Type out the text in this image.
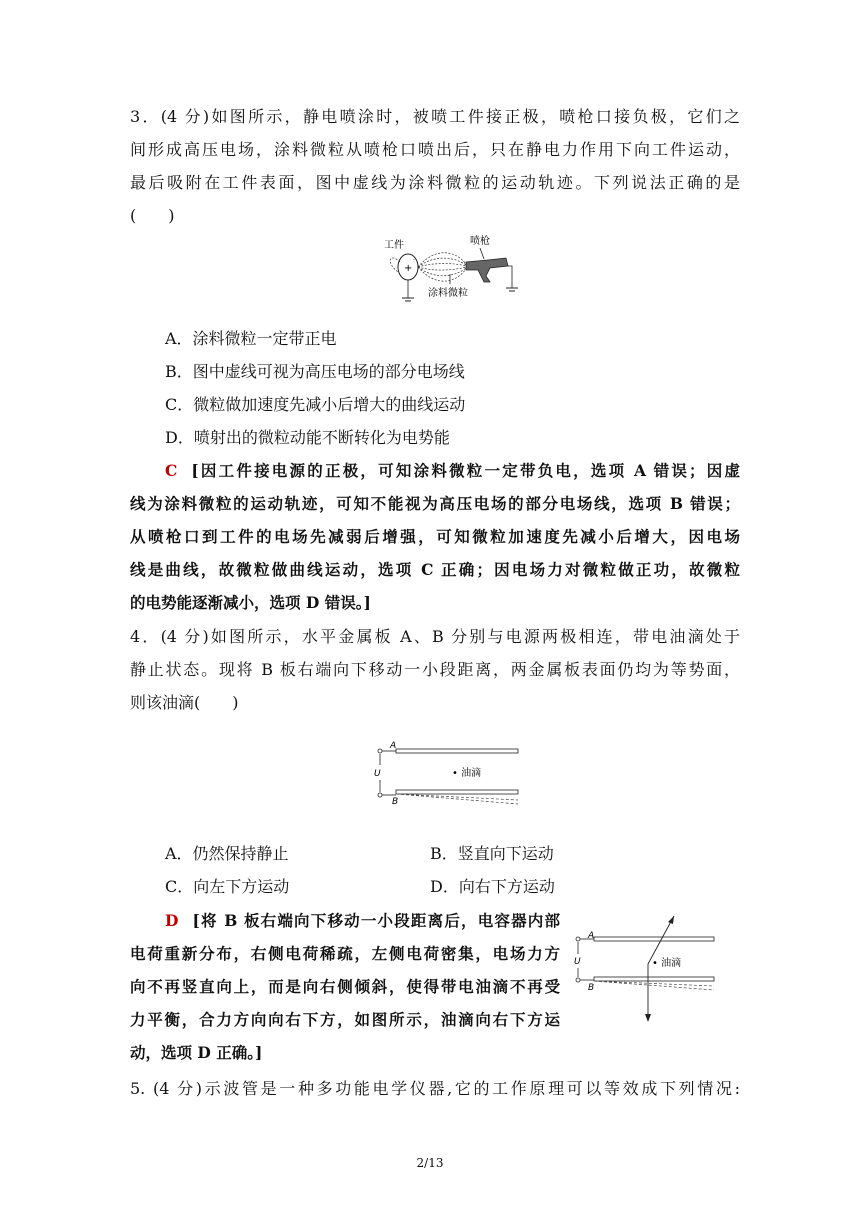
3．(4 分)如图所示，静电喷涂时，被喷工件接正极，喷枪口接负极，它们之
间形成高压电场，涂料微粒从喷枪口喷出后，只在静电力作用下向工件运动，
最后吸附在工件表面，图中虚线为涂料微粒的运动轨迹。下列说法正确的是
(　　)
工件	喷枪
涂料微粒
+
· ·
A．涂料微粒一定带正电
B．图中虚线可视为高压电场的部分电场线
C．微粒做加速度先减小后增大的曲线运动
D．喷射出的微粒动能不断转化为电势能
C [因工件接电源的正极，可知涂料微粒一定带负电，选项 A 错误；因虚
线为涂料微粒的运动轨迹，可知不能视为高压电场的部分电场线，选项 B 错误；
从喷枪口到工件的电场先减弱后增强，可知微粒加速度先减小后增大，因电场
线是曲线，故微粒做曲线运动，选项 C 正确；因电场力对微粒做正功，故微粒
的电势能逐渐减小，选项 D 错误。]
4．(4 分)如图所示，水平金属板 A、B 分别与电源两极相连，带电油滴处于
静止状态。现将 B 板右端向下移动一小段距离，两金属板表面仍均为等势面，
则该油滴(　　)
A
U
B
• 油滴
A．仍然保持静止	B．竖直向下运动
C．向左下方运动	D．向右下方运动
D [将 B 板右端向下移动一小段距离后，电容器内部
电荷重新分布，右侧电荷稀疏，左侧电荷密集，电场力方
向不再竖直向上，而是向右侧倾斜，使得带电油滴不再受
力平衡，合力方向向右下方，如图所示，油滴向右下方运
动，选项 D 正确。]
A
U
B
• 油滴
5. (4 分)示波管是一种多功能电学仪器,它的工作原理可以等效成下列情况:
2/13
